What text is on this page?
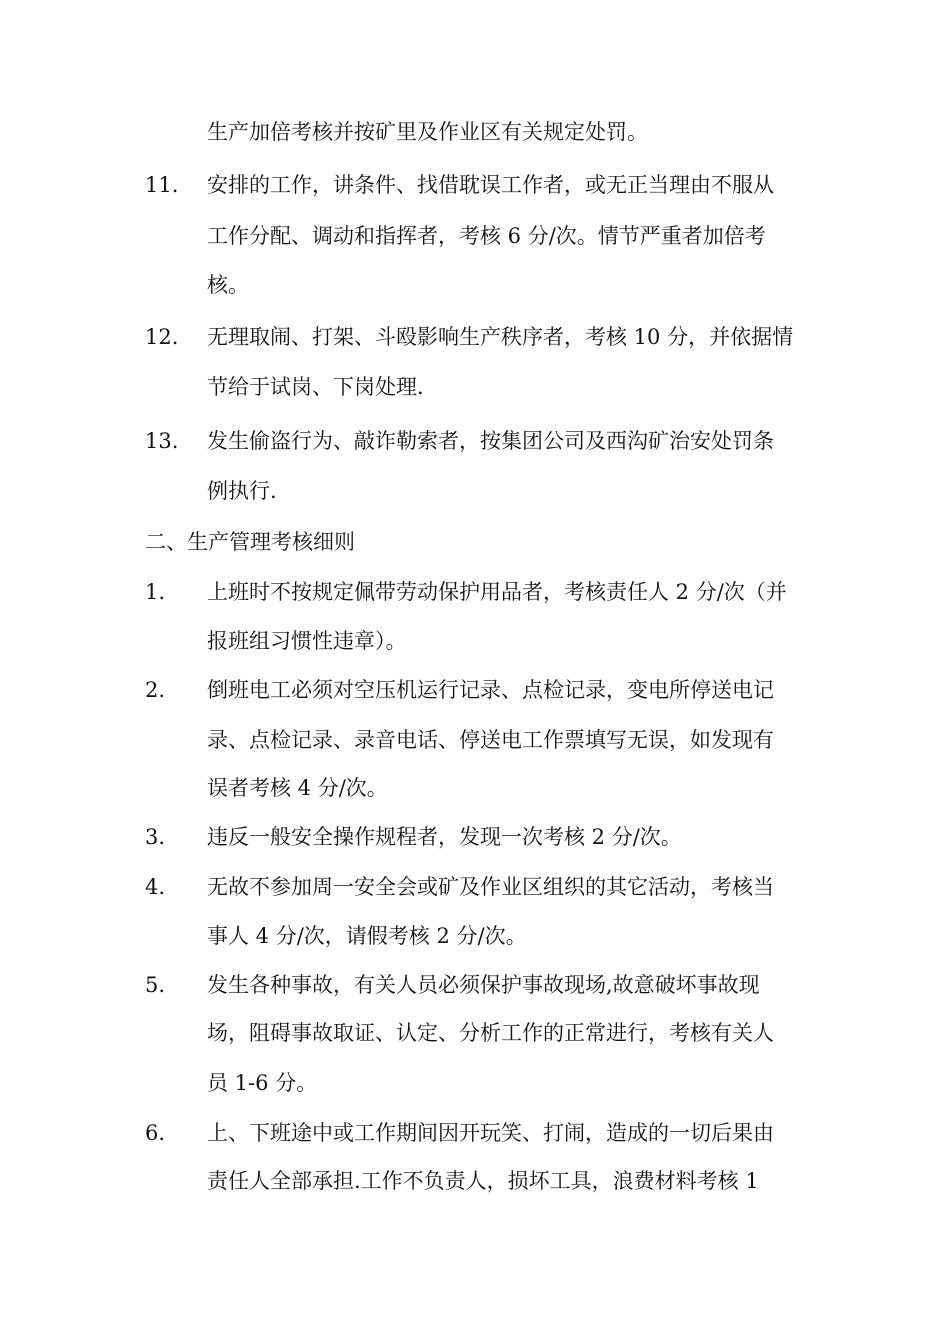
生产加倍考核并按矿里及作业区有关规定处罚。
11. 安排的工作，讲条件、找借耽误工作者，或无正当理由不服从
工作分配、调动和指挥者，考核 6 分/次。情节严重者加倍考
核。
12. 无理取闹、打架、斗殴影响生产秩序者，考核 10 分，并依据情
节给于试岗、下岗处理.
13. 发生偷盗行为、敲诈勒索者，按集团公司及西沟矿治安处罚条
例执行.
二、生产管理考核细则
1. 上班时不按规定佩带劳动保护用品者，考核责任人 2 分/次（并
报班组习惯性违章）。
2. 倒班电工必须对空压机运行记录、点检记录，变电所停送电记
录、点检记录、录音电话、停送电工作票填写无误，如发现有
误者考核 4 分/次。
3. 违反一般安全操作规程者，发现一次考核 2 分/次。
4. 无故不参加周一安全会或矿及作业区组织的其它活动，考核当
事人 4 分/次，请假考核 2 分/次。
5. 发生各种事故，有关人员必须保护事故现场,故意破坏事故现
场，阻碍事故取证、认定、分析工作的正常进行，考核有关人
员 1-6 分。
6. 上、下班途中或工作期间因开玩笑、打闹，造成的一切后果由
责任人全部承担.工作不负责人，损坏工具，浪费材料考核 1
